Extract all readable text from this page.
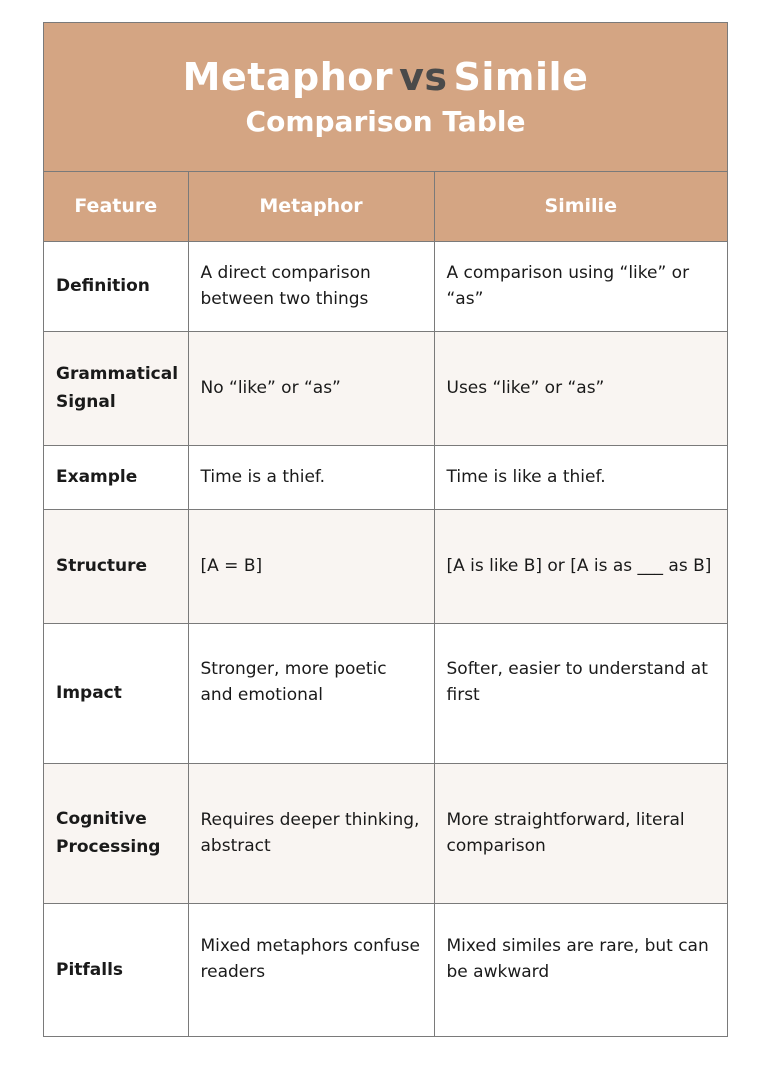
Metaphor vs Simile
Comparison Table
Feature	Metaphor	Similie
Definition	A direct comparison between two things	A comparison using “like” or “as”
Grammatical Signal	No “like” or “as”	Uses “like” or “as”
Example	Time is a thief.	Time is like a thief.
Structure	[A = B]	[A is like B] or [A is as ___ as B]
Impact	Stronger, more poetic and emotional	Softer, easier to understand at first

Cognitive Processing	Requires deeper thinking, abstract	More straightforward, literal comparison
Pitfalls	Mixed metaphors confuse readers	Mixed similes are rare, but can be awkward
